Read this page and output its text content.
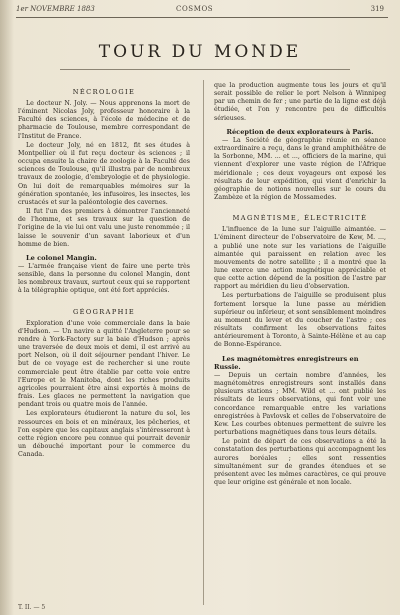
1er NOVEMBRE 1883	COSMOS	319
TOUR DU MONDE
NÉCROLOGIE

Le docteur N. Joly. — Nous apprenons la mort de l'éminent Nicolas Joly, professeur honoraire à la Faculté des sciences, à l'école de médecine et de pharmacie de Toulouse, membre correspondant de l'Institut de France.

Le docteur Joly, né en 1812, fit ses études à Montpellier où il fut reçu docteur ès sciences ; il occupa ensuite la chaire de zoologie à la Faculté des sciences de Toulouse, qu'il illustra par de nombreux travaux de zoologie, d'embryologie et de physiologie. On lui doit de remarquables mémoires sur la génération spontanée, les infusoires, les insectes, les crustacés et sur la paléontologie des cavernes.

Il fut l'un des premiers à démontrer l'ancienneté de l'homme, et ses travaux sur la question de l'origine de la vie lui ont valu une juste renommée ; il laisse le souvenir d'un savant laborieux et d'un homme de bien.

Le colonel Mangin.

— L'armée française vient de faire une perte très sensible, dans la personne du colonel Mangin, dont les nombreux travaux, surtout ceux qui se rapportent à la télégraphie optique, ont été fort appréciés.

GÉOGRAPHIE

Exploration d'une voie commerciale dans la baie d'Hudson. — Un navire a quitté l'Angleterre pour se rendre à York-Factory sur la baie d'Hudson ; après une traversée de deux mois et demi, il est arrivé au port Nelson, où il doit séjourner pendant l'hiver. Le but de ce voyage est de rechercher si une route commerciale peut être établie par cette voie entre l'Europe et le Manitoba, dont les riches produits agricoles pourraient être ainsi exportés à moins de frais. Les glaces ne permettent la navigation que pendant trois ou quatre mois de l'année.

Les explorateurs étudieront la nature du sol, les ressources en bois et en minéraux, les pêcheries, et l'on espère que les capitaux anglais s'intéresseront à cette région encore peu connue qui pourrait devenir un débouché important pour le commerce du Canada.

que la production augmente tous les jours et qu'il serait possible de relier le port Nelson à Winnipeg par un chemin de fer ; une partie de la ligne est déjà étudiée, et l'on y rencontre peu de difficultés sérieuses.

Réception de deux explorateurs à Paris.

— La Société de géographie réunie en séance extraordinaire a reçu, dans le grand amphithéâtre de la Sorbonne, MM. ... et ..., officiers de la marine, qui viennent d'explorer une vaste région de l'Afrique méridionale ; ces deux voyageurs ont exposé les résultats de leur expédition, qui vient d'enrichir la géographie de notions nouvelles sur le cours du Zambèze et la région de Mossamedes.

MAGNÉTISME, ÉLECTRICITÉ

L'influence de la lune sur l'aiguille aimantée. — L'éminent directeur de l'observatoire de Kew, M. ..., a publié une note sur les variations de l'aiguille aimantée qui paraissent en relation avec les mouvements de notre satellite ; il a montré que la lune exerce une action magnétique appréciable et que cette action dépend de la position de l'astre par rapport au méridien du lieu d'observation.

Les perturbations de l'aiguille se produisent plus fortement lorsque la lune passe au méridien supérieur ou inférieur, et sont sensiblement moindres au moment du lever et du coucher de l'astre ; ces résultats confirment les observations faites antérieurement à Toronto, à Sainte-Hélène et au cap de Bonne-Espérance.

Les magnétomètres enregistreurs en Russie.

— Depuis un certain nombre d'années, les magnétomètres enregistreurs sont installés dans plusieurs stations ; MM. Wild et ... ont publié les résultats de leurs observations, qui font voir une concordance remarquable entre les variations enregistrées à Pavlovsk et celles de l'observatoire de Kew. Les courbes obtenues permettent de suivre les perturbations magnétiques dans tous leurs détails.

Le point de départ de ces observations a été la constatation des perturbations qui accompagnent les aurores boréales ; elles sont ressenties simultanément sur de grandes étendues et se présentent avec les mêmes caractères, ce qui prouve que leur origine est générale et non locale.

T. II. — 5
